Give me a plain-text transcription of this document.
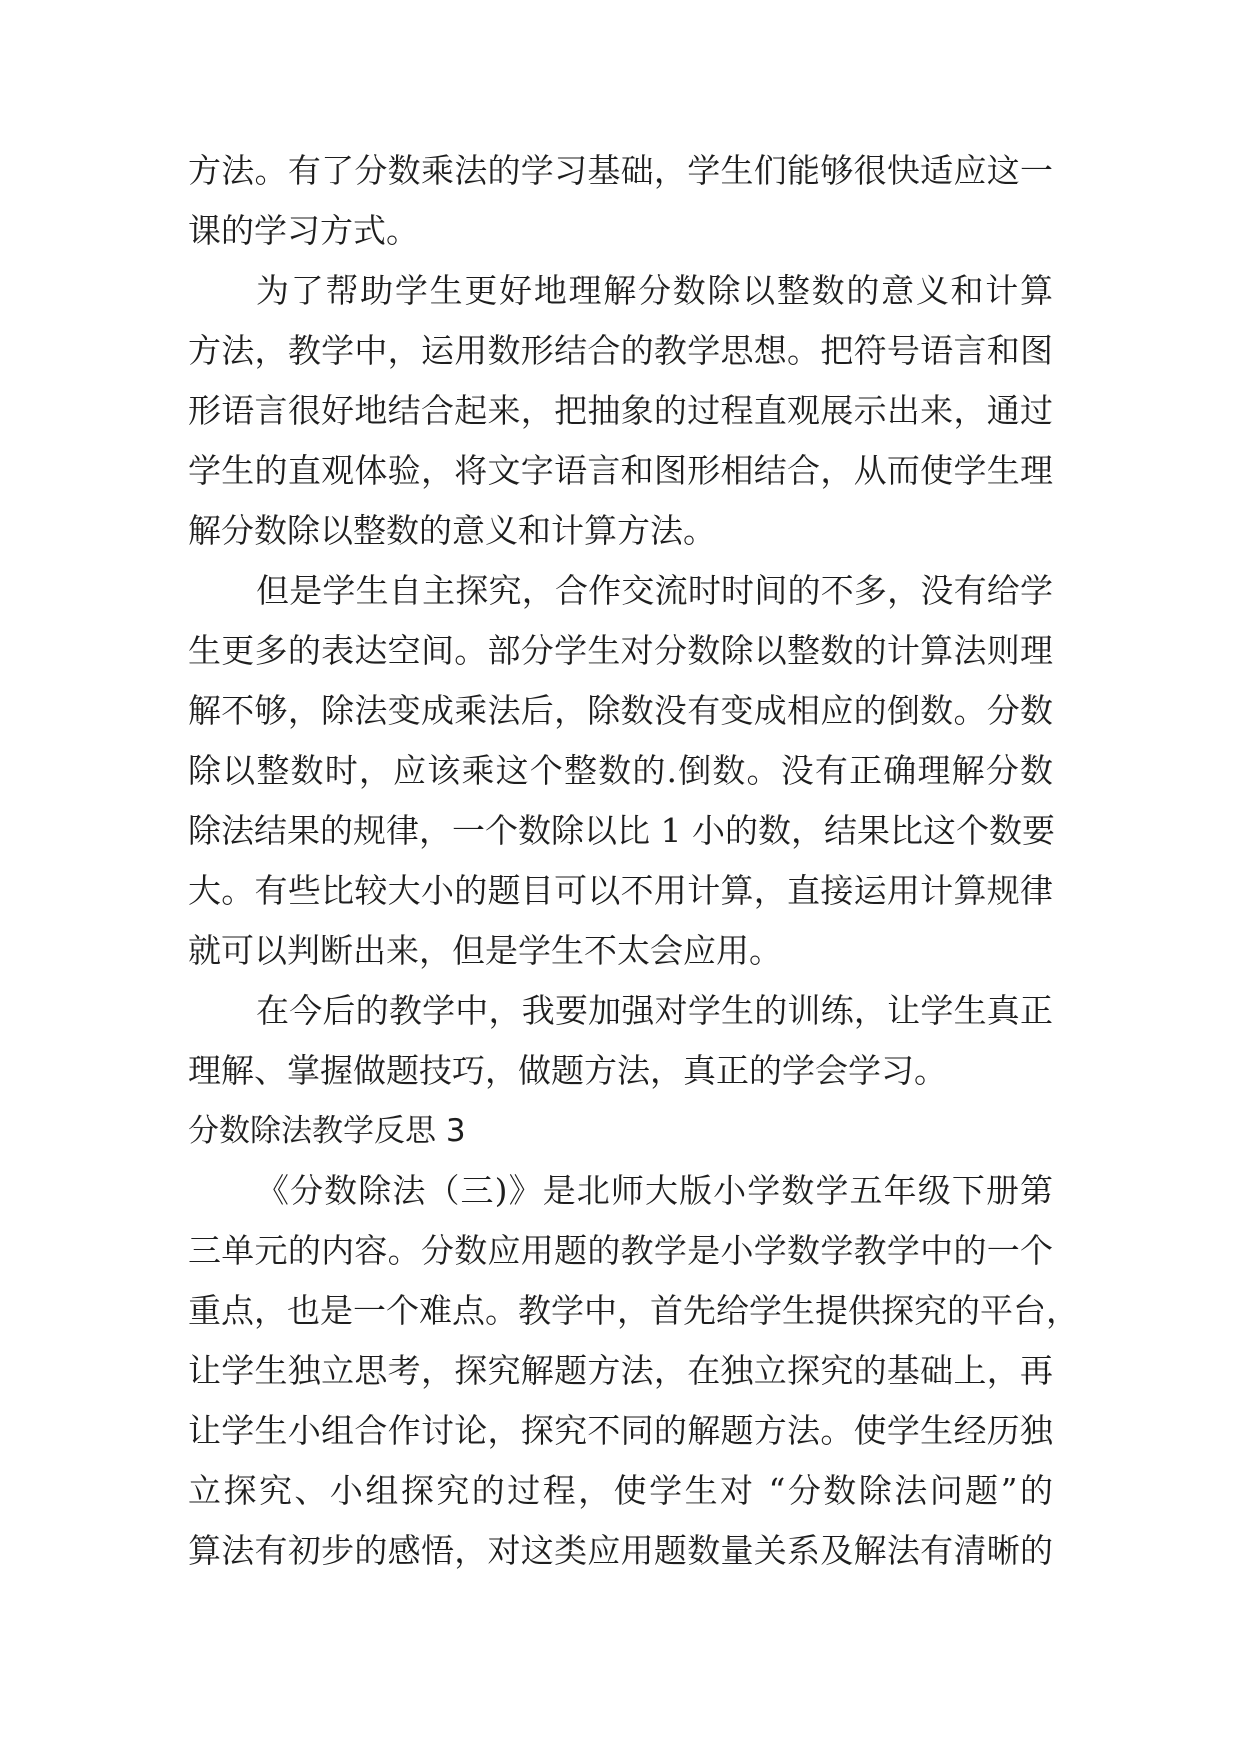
方法。有了分数乘法的学习基础，学生们能够很快适应这一

课的学习方式。

为了帮助学生更好地理解分数除以整数的意义和计算

方法，教学中，运用数形结合的教学思想。把符号语言和图

形语言很好地结合起来，把抽象的过程直观展示出来，通过

学生的直观体验，将文字语言和图形相结合，从而使学生理

解分数除以整数的意义和计算方法。

但是学生自主探究，合作交流时时间的不多，没有给学

生更多的表达空间。部分学生对分数除以整数的计算法则理

解不够，除法变成乘法后，除数没有变成相应的倒数。分数

除以整数时，应该乘这个整数的.倒数。没有正确理解分数

除法结果的规律，一个数除以比 1 小的数，结果比这个数要

大。有些比较大小的题目可以不用计算，直接运用计算规律

就可以判断出来，但是学生不太会应用。

在今后的教学中，我要加强对学生的训练，让学生真正

理解、掌握做题技巧，做题方法，真正的学会学习。

分数除法教学反思 3

《分数除法（三)》是北师大版小学数学五年级下册第

三单元的内容。分数应用题的教学是小学数学教学中的一个

重点，也是一个难点。教学中，首先给学生提供探究的平台，

让学生独立思考，探究解题方法，在独立探究的基础上，再

让学生小组合作讨论，探究不同的解题方法。使学生经历独

立探究、小组探究的过程，使学生对 “分数除法问题”的

算法有初步的感悟，对这类应用题数量关系及解法有清晰的
